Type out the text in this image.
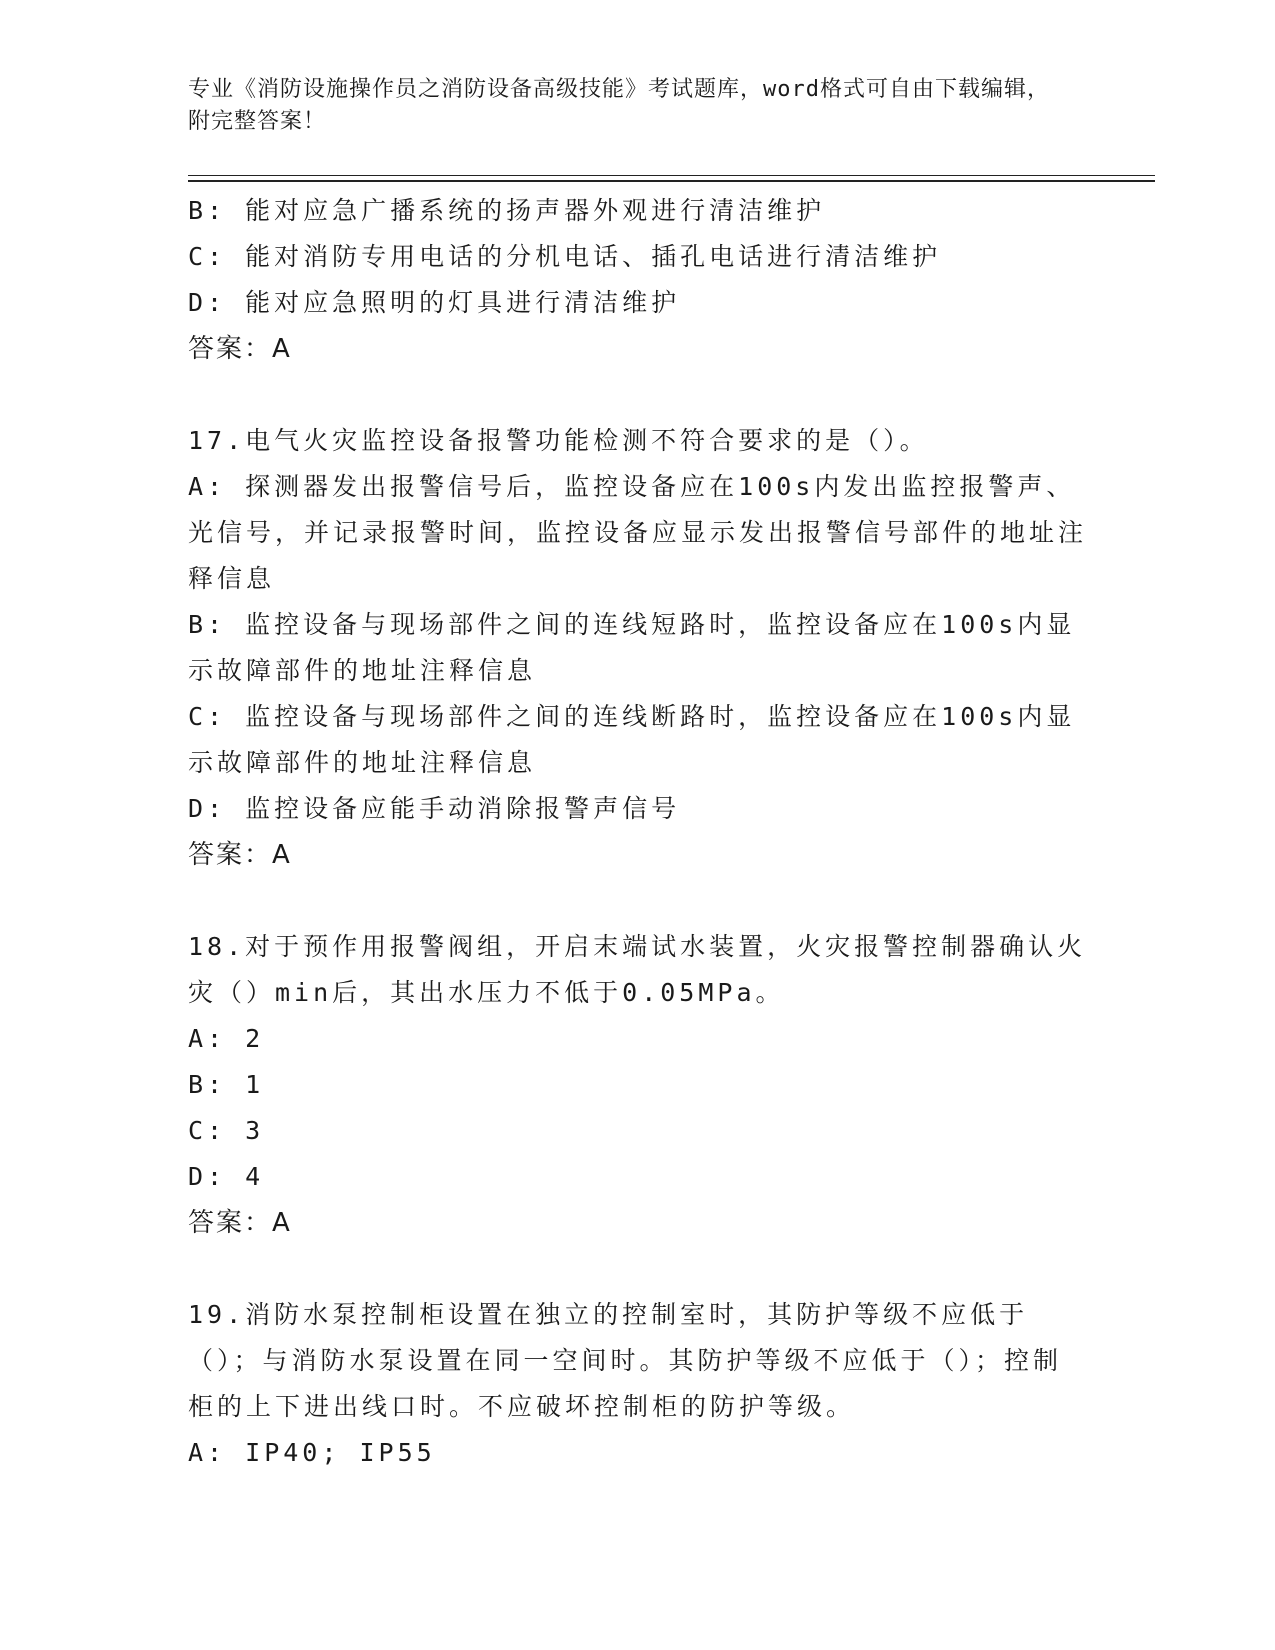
专业《消防设施操作员之消防设备高级技能》考试题库，word格式可自由下载编辑，附完整答案！
B: 能对应急广播系统的扬声器外观进行清洁维护
C: 能对消防专用电话的分机电话、插孔电话进行清洁维护
D: 能对应急照明的灯具进行清洁维护
答案：A
17.电气火灾监控设备报警功能检测不符合要求的是（）。
A: 探测器发出报警信号后，监控设备应在100s内发出监控报警声、光信号，并记录报警时间，监控设备应显示发出报警信号部件的地址注释信息
B: 监控设备与现场部件之间的连线短路时，监控设备应在100s内显示故障部件的地址注释信息
C: 监控设备与现场部件之间的连线断路时，监控设备应在100s内显示故障部件的地址注释信息
D: 监控设备应能手动消除报警声信号
答案：A
18.对于预作用报警阀组，开启末端试水装置，火灾报警控制器确认火灾（）min后，其出水压力不低于0.05MPa。
A: 2
B: 1
C: 3
D: 4
答案：A
19.消防水泵控制柜设置在独立的控制室时，其防护等级不应低于（）；与消防水泵设置在同一空间时。其防护等级不应低于（）；控制柜的上下进出线口时。不应破坏控制柜的防护等级。
A: IP40; IP55
